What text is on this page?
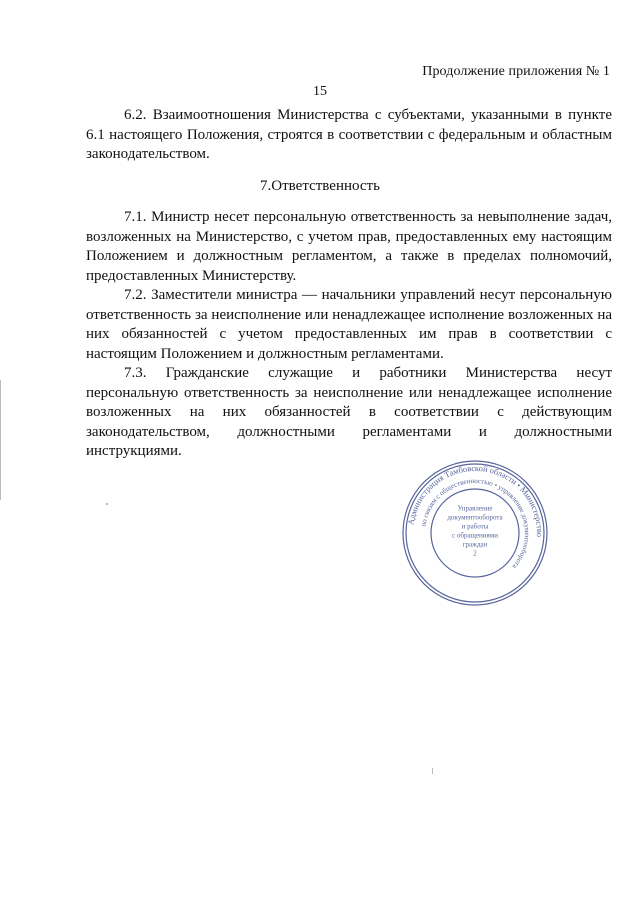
Продолжение приложения № 1
15

6.2. Взаимоотношения Министерства с субъектами, указанными в пункте 6.1 настоящего Положения, строятся в соответствии с федеральным и областным законодательством.

7.Ответственность

7.1. Министр несет персональную ответственность за невыполнение задач, возложенных на Министерство, с учетом прав, предоставленных ему настоящим Положением и должностным регламентом, а также в пределах полномочий, предоставленных Министерству.

7.2. Заместители министра — начальники управлений несут персональную ответственность за неисполнение или ненадлежащее исполнение возложенных на них обязанностей с учетом предоставленных им прав в соответствии с настоящим Положением и должностным регламентами.

7.3. Гражданские служащие и работники Министерства несут персональную ответственность за неисполнение или ненадлежащее исполнение возложенных на них обязанностей в соответствии с действующим законодательством, должностными регламентами и должностными инструкциями.

Администрация Тамбовской области • Министерство
по связям с общественностью • управление документооборота
Управление документооборота и работы с обращениями граждан 2
